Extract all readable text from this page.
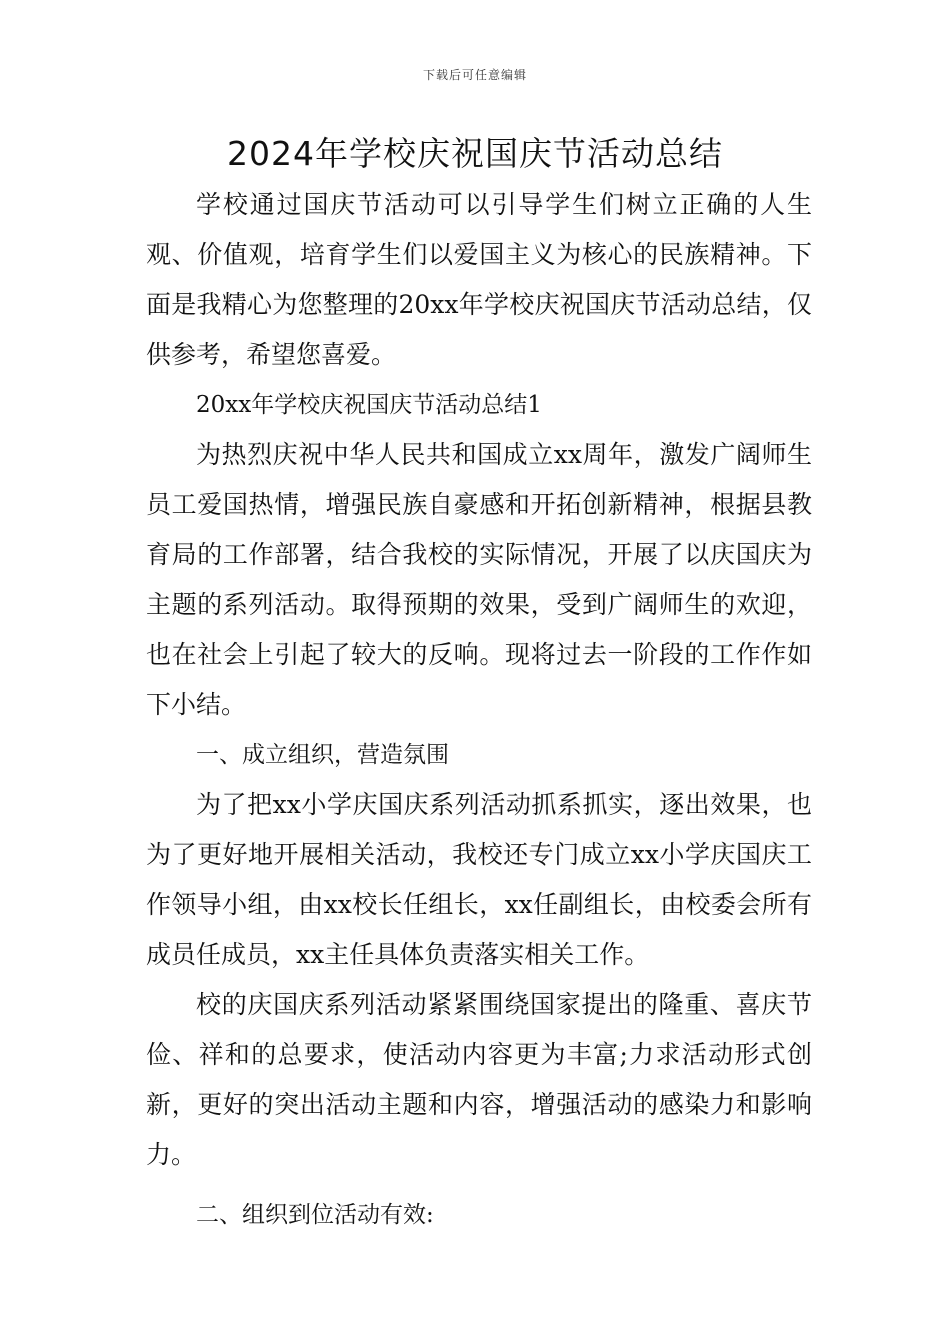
下载后可任意编辑
2024年学校庆祝国庆节活动总结

学校通过国庆节活动可以引导学生们树立正确的人生观、价值观，培育学生们以爱国主义为核心的民族精神。下面是我精心为您整理的20xx年学校庆祝国庆节活动总结，仅供参考，希望您喜爱。

20xx年学校庆祝国庆节活动总结1

为热烈庆祝中华人民共和国成立xx周年，激发广阔师生员工爱国热情，增强民族自豪感和开拓创新精神，根据县教育局的工作部署，结合我校的实际情况，开展了以庆国庆为主题的系列活动。取得预期的效果，受到广阔师生的欢迎，也在社会上引起了较大的反响。现将过去一阶段的工作作如下小结。

一、成立组织，营造氛围

为了把xx小学庆国庆系列活动抓系抓实，逐出效果，也为了更好地开展相关活动，我校还专门成立xx小学庆国庆工作领导小组，由xx校长任组长，xx任副组长，由校委会所有成员任成员，xx主任具体负责落实相关工作。

校的庆国庆系列活动紧紧围绕国家提出的隆重、喜庆节俭、祥和的总要求，使活动内容更为丰富;力求活动形式创新，更好的突出活动主题和内容，增强活动的感染力和影响力。

二、组织到位活动有效:
